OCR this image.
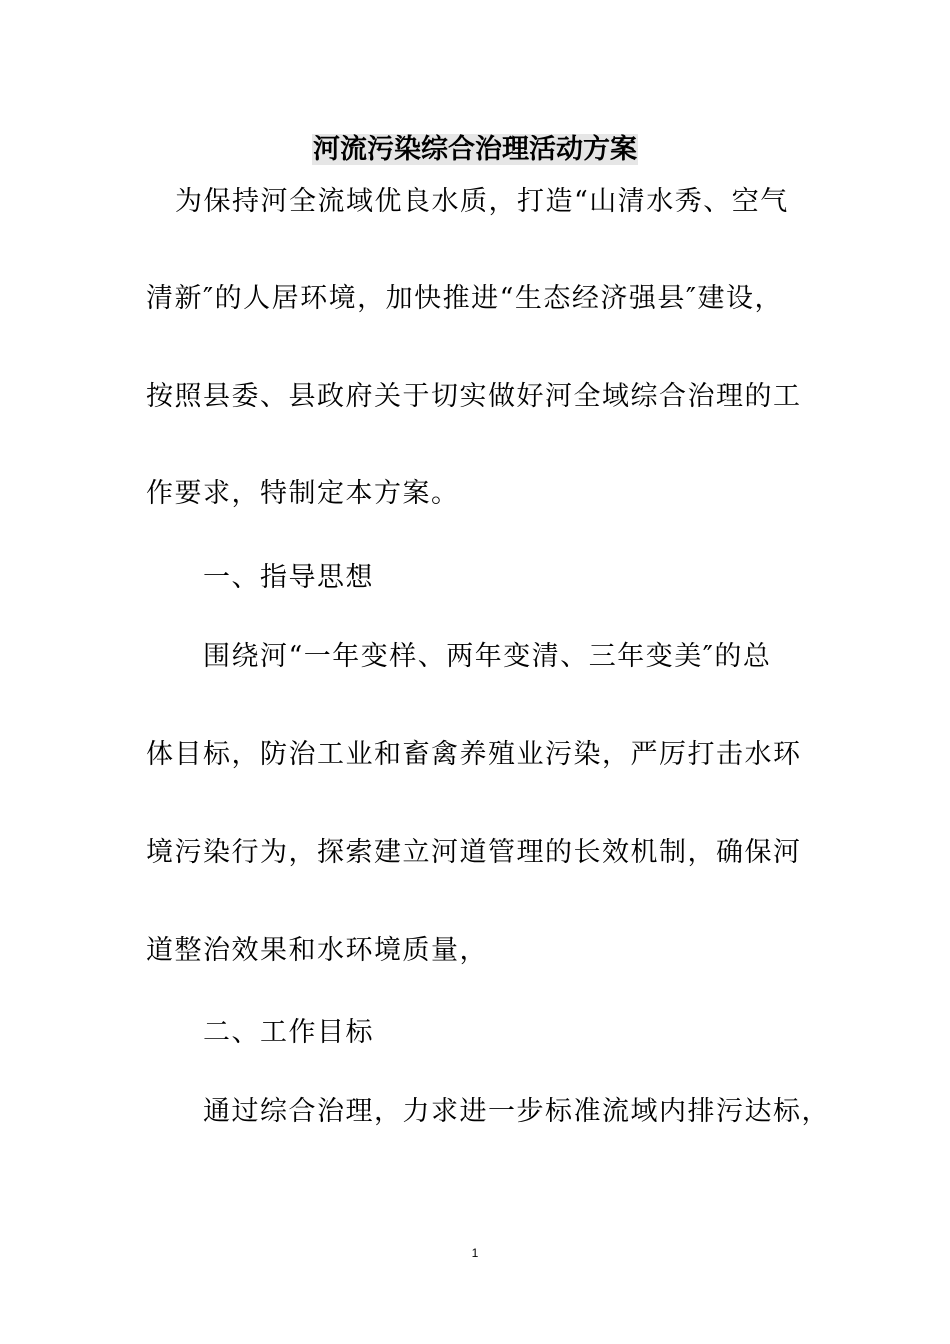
河流污染综合治理活动方案
为保持河全流域优良水质，打造“山清水秀、空气
清新″的人居环境，加快推进“生态经济强县″建设，
按照县委、县政府关于切实做好河全域综合治理的工
作要求，特制定本方案。
一、指导思想
围绕河“一年变样、两年变清、三年变美″的总
体目标，防治工业和畜禽养殖业污染，严厉打击水环
境污染行为，探索建立河道管理的长效机制，确保河
道整治效果和水环境质量，
二、工作目标
通过综合治理，力求进一步标准流域内排污达标，
1
